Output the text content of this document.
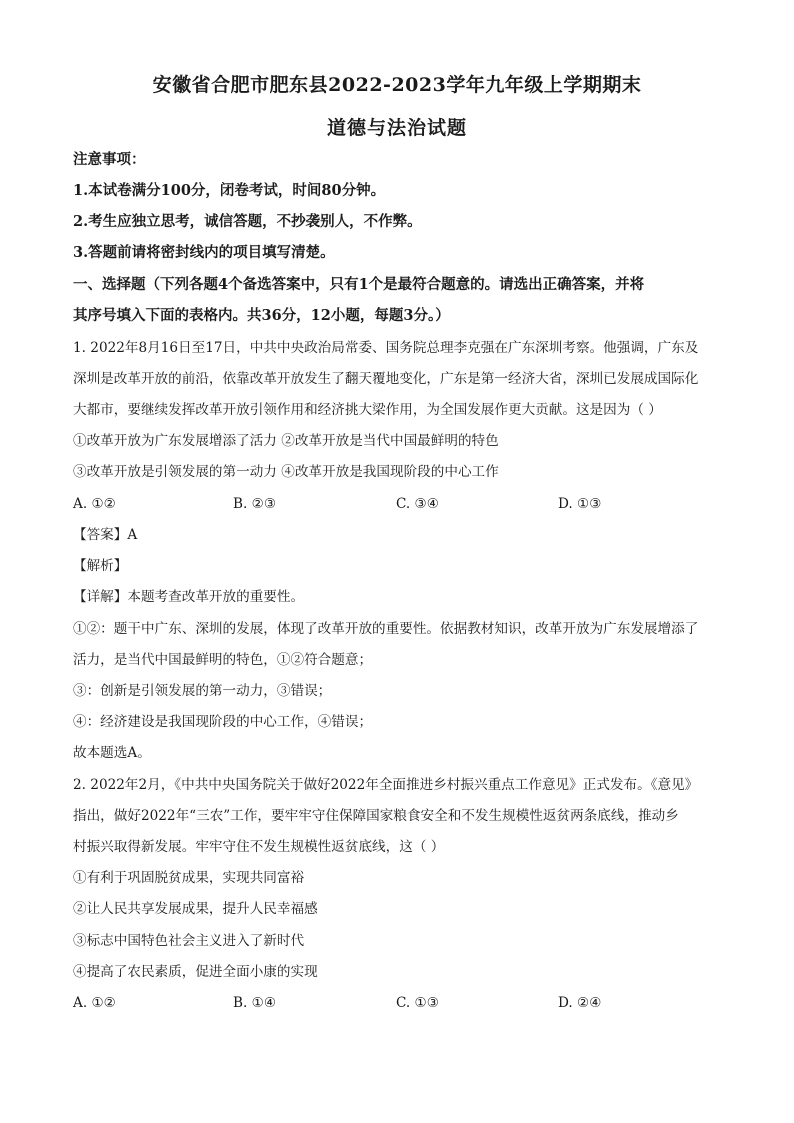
安徽省合肥市肥东县2022-2023学年九年级上学期期末
道德与法治试题
注意事项：
1.本试卷满分100分，闭卷考试，时间80分钟。
2.考生应独立思考，诚信答题，不抄袭别人，不作弊。
3.答题前请将密封线内的项目填写清楚。
一、选择题（下列各题4个备选答案中，只有1个是最符合题意的。请选出正确答案，并将
其序号填入下面的表格内。共36分，12小题，每题3分。）
1. 2022年8月16日至17日，中共中央政治局常委、国务院总理李克强在广东深圳考察。他强调，广东及
深圳是改革开放的前沿，依靠改革开放发生了翻天覆地变化，广东是第一经济大省，深圳已发展成国际化
大都市，要继续发挥改革开放引领作用和经济挑大梁作用，为全国发展作更大贡献。这是因为（ ）
①改革开放为广东发展增添了活力 ②改革开放是当代中国最鲜明的特色
③改革开放是引领发展的第一动力 ④改革开放是我国现阶段的中心工作
A. ①②	B. ②③	C. ③④	D. ①③
【答案】A
【解析】
【详解】本题考查改革开放的重要性。
①②：题干中广东、深圳的发展，体现了改革开放的重要性。依据教材知识，改革开放为广东发展增添了
活力，是当代中国最鲜明的特色，①②符合题意；
③：创新是引领发展的第一动力，③错误；
④：经济建设是我国现阶段的中心工作，④错误；
故本题选A。
2. 2022年2月，《中共中央国务院关于做好2022年全面推进乡村振兴重点工作意见》正式发布。《意见》
指出，做好2022年“三农”工作，要牢牢守住保障国家粮食安全和不发生规模性返贫两条底线，推动乡
村振兴取得新发展。牢牢守住不发生规模性返贫底线，这（ ）
①有利于巩固脱贫成果，实现共同富裕
②让人民共享发展成果，提升人民幸福感
③标志中国特色社会主义进入了新时代
④提高了农民素质，促进全面小康的实现
A. ①②	B. ①④	C. ①③	D. ②④
